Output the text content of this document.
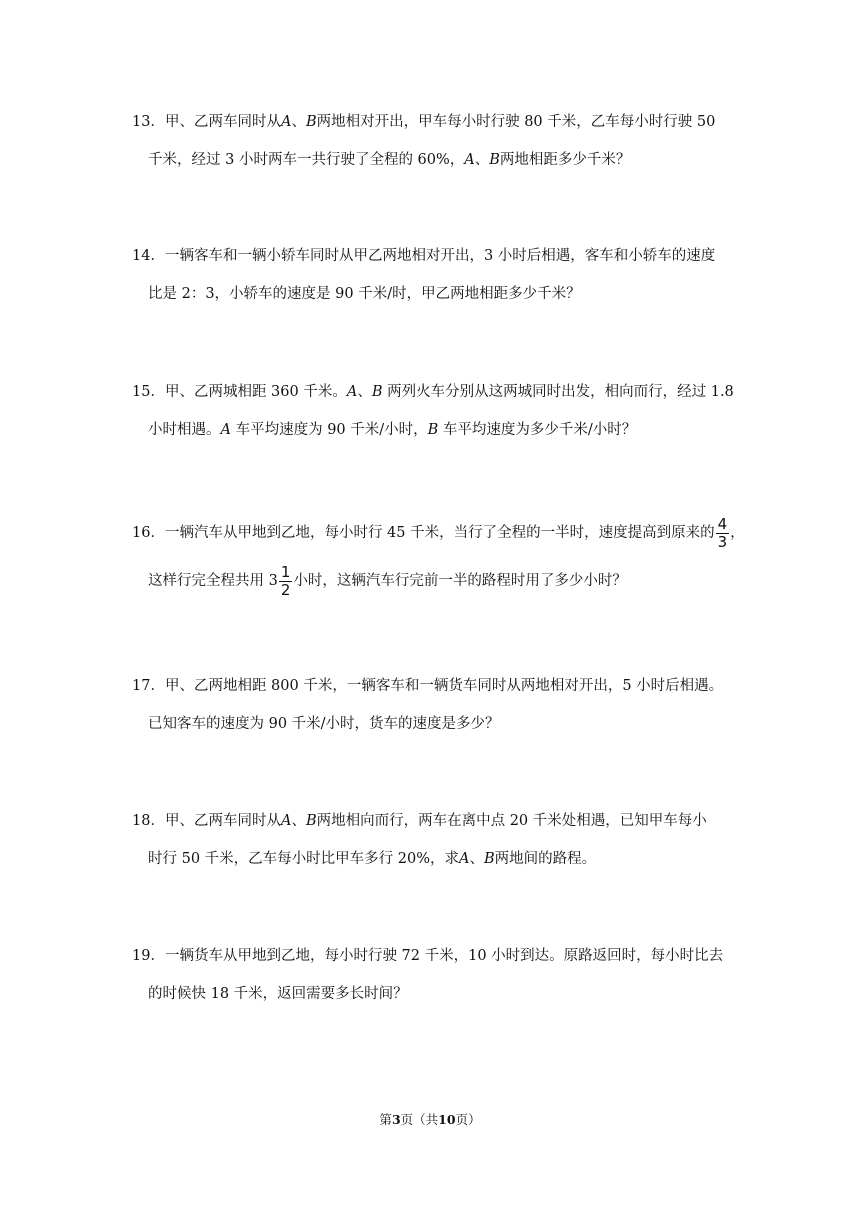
13．甲、乙两车同时从A、B两地相对开出，甲车每小时行驶 80 千米，乙车每小时行驶 50
千米，经过 3 小时两车一共行驶了全程的 60%，A、B两地相距多少千米？
14．一辆客车和一辆小轿车同时从甲乙两地相对开出，3 小时后相遇，客车和小轿车的速度
比是 2：3，小轿车的速度是 90 千米/时，甲乙两地相距多少千米？
15．甲、乙两城相距 360 千米。A、B 两列火车分别从这两城同时出发，相向而行，经过 1.8
小时相遇。A 车平均速度为 90 千米/小时，B 车平均速度为多少千米/小时？
16．一辆汽车从甲地到乙地，每小时行 45 千米，当行了全程的一半时，速度提高到原来的 $\frac{4}{3}$ ，
这样行完全程共用 $3 \frac{1}{2}$ 小时，这辆汽车行完前一半的路程时用了多少小时？
17．甲、乙两地相距 800 千米，一辆客车和一辆货车同时从两地相对开出，5 小时后相遇。
已知客车的速度为 90 千米/小时，货车的速度是多少？
18．甲、乙两车同时从A、B两地相向而行，两车在离中点 20 千米处相遇，已知甲车每小
时行 50 千米，乙车每小时比甲车多行 20%，求A、B两地间的路程。
19．一辆货车从甲地到乙地，每小时行驶 72 千米，10 小时到达。原路返回时，每小时比去
的时候快 18 千米，返回需要多长时间？
第3页（共10页）
